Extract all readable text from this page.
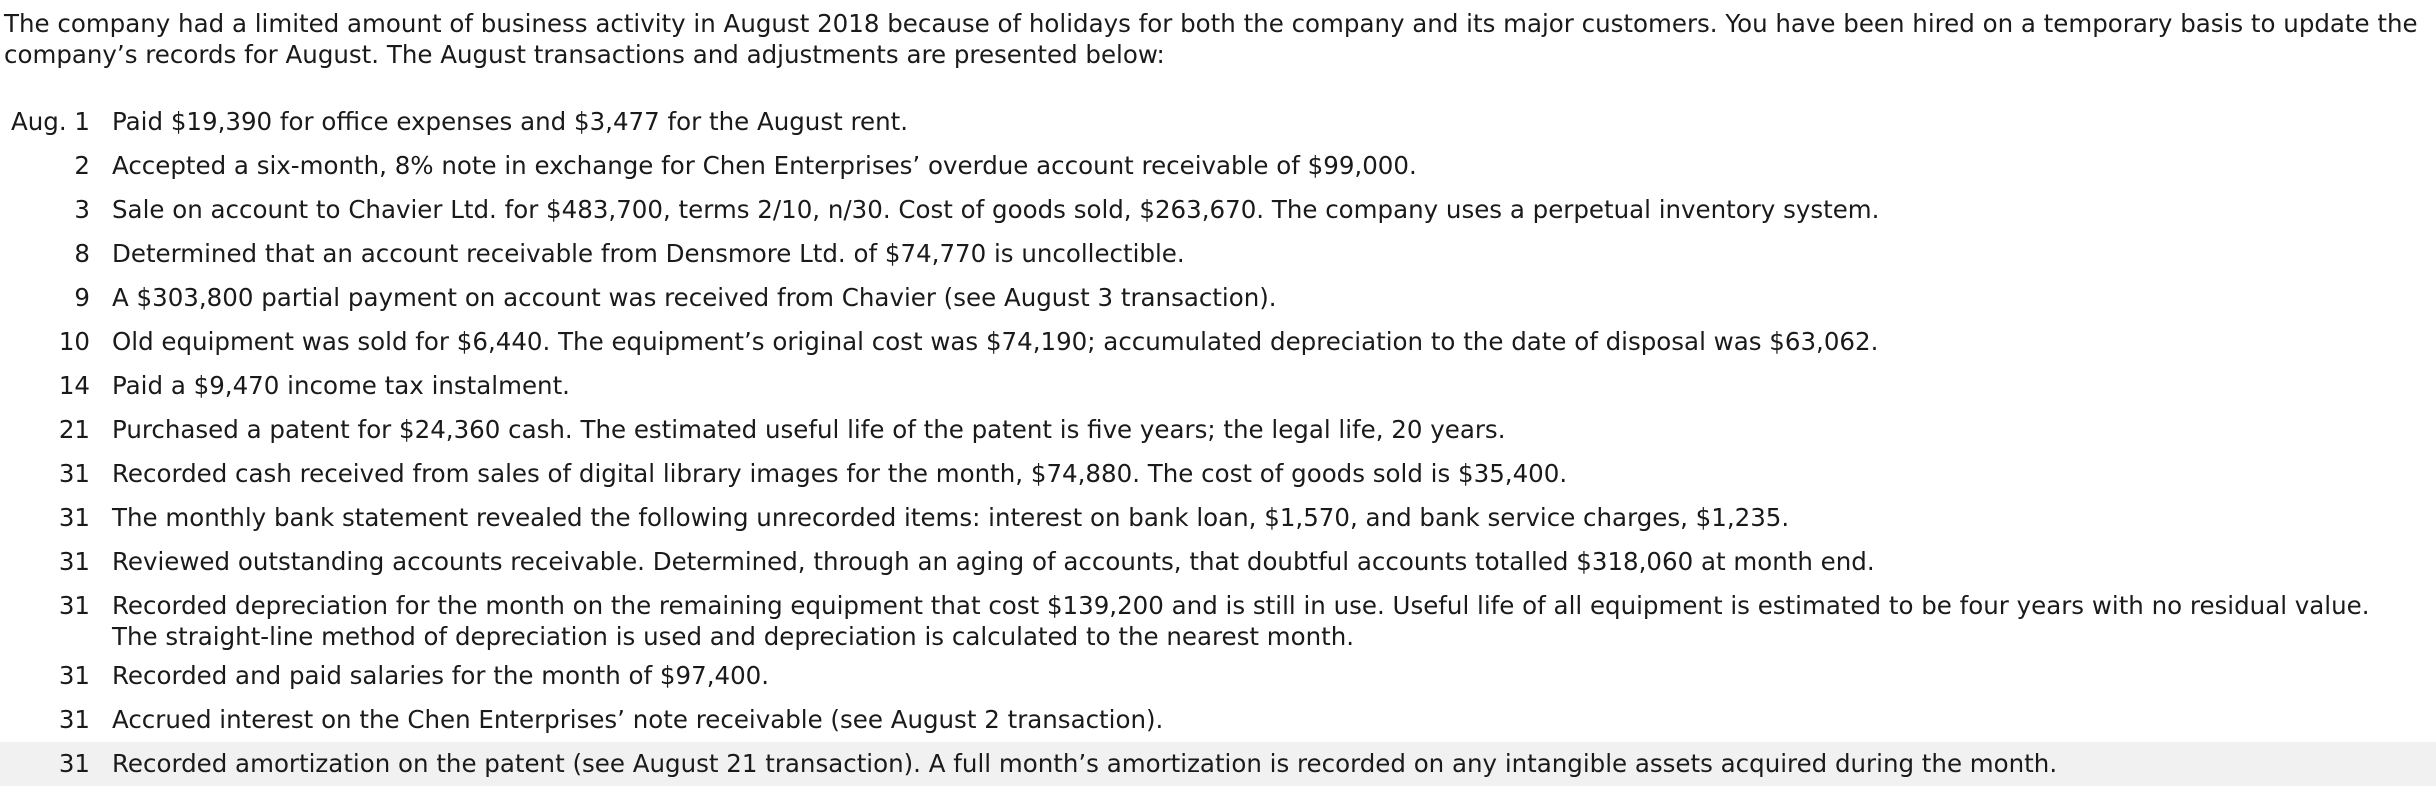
The company had a limited amount of business activity in August 2018 because of holidays for both the company and its major customers. You have been hired on a temporary basis to update the company’s records for August. The August transactions and adjustments are presented below:

Aug. 1	Paid $19,390 for office expenses and $3,477 for the August rent.
2	Accepted a six-month, 8% note in exchange for Chen Enterprises’ overdue account receivable of $99,000.
3	Sale on account to Chavier Ltd. for $483,700, terms 2/10, n/30. Cost of goods sold, $263,670. The company uses a perpetual inventory system.
8	Determined that an account receivable from Densmore Ltd. of $74,770 is uncollectible.
9	A $303,800 partial payment on account was received from Chavier (see August 3 transaction).
10	Old equipment was sold for $6,440. The equipment’s original cost was $74,190; accumulated depreciation to the date of disposal was $63,062.
14	Paid a $9,470 income tax instalment.
21	Purchased a patent for $24,360 cash. The estimated useful life of the patent is five years; the legal life, 20 years.
31	Recorded cash received from sales of digital library images for the month, $74,880. The cost of goods sold is $35,400.
31	The monthly bank statement revealed the following unrecorded items: interest on bank loan, $1,570, and bank service charges, $1,235.
31	Reviewed outstanding accounts receivable. Determined, through an aging of accounts, that doubtful accounts totalled $318,060 at month end.
31	Recorded depreciation for the month on the remaining equipment that cost $139,200 and is still in use. Useful life of all equipment is estimated to be four years with no residual value. The straight-line method of depreciation is used and depreciation is calculated to the nearest month.
31	Recorded and paid salaries for the month of $97,400.
31	Accrued interest on the Chen Enterprises’ note receivable (see August 2 transaction).
31	Recorded amortization on the patent (see August 21 transaction). A full month’s amortization is recorded on any intangible assets acquired during the month.
